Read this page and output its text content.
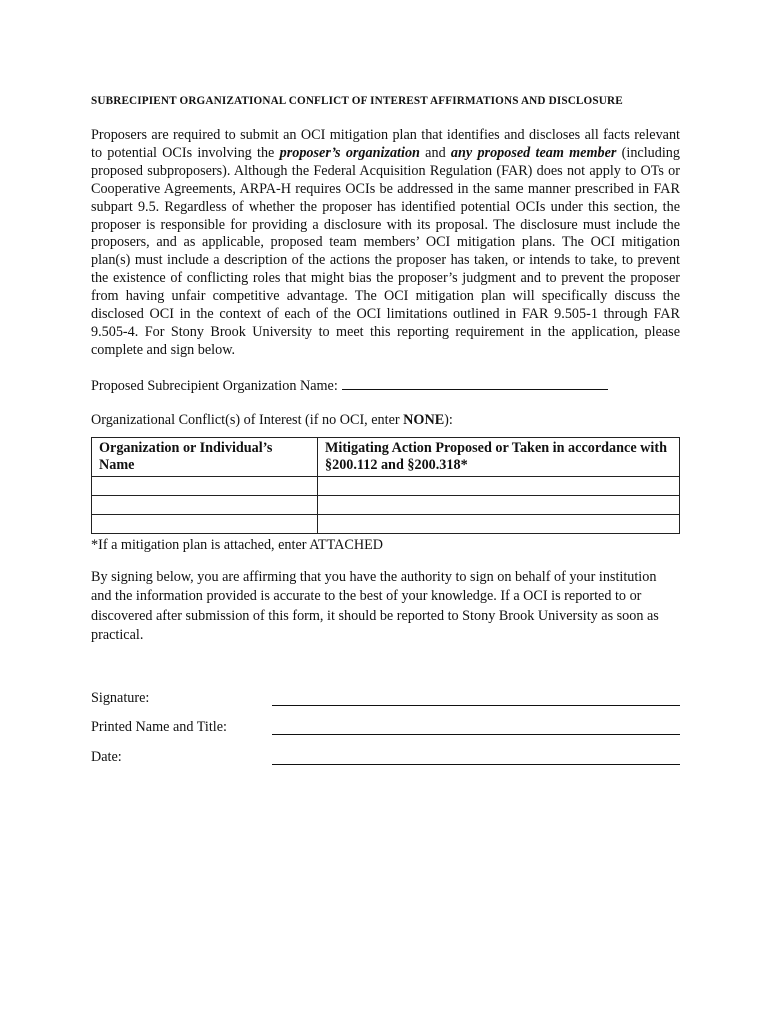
SUBRECIPIENT ORGANIZATIONAL CONFLICT OF INTEREST AFFIRMATIONS AND DISCLOSURE

Proposers are required to submit an OCI mitigation plan that identifies and discloses all facts relevant to potential OCIs involving the proposer’s organization and any proposed team member (including proposed subproposers). Although the Federal Acquisition Regulation (FAR) does not apply to OTs or Cooperative Agreements, ARPA-H requires OCIs be addressed in the same manner prescribed in FAR subpart 9.5. Regardless of whether the proposer has identified potential OCIs under this section, the proposer is responsible for providing a disclosure with its proposal. The disclosure must include the proposers, and as applicable, proposed team members’ OCI mitigation plans. The OCI mitigation plan(s) must include a description of the actions the proposer has taken, or intends to take, to prevent the existence of conflicting roles that might bias the proposer’s judgment and to prevent the proposer from having unfair competitive advantage. The OCI mitigation plan will specifically discuss the disclosed OCI in the context of each of the OCI limitations outlined in FAR 9.505-1 through FAR 9.505-4. For Stony Brook University to meet this reporting requirement in the application, please complete and sign below.

Proposed Subrecipient Organization Name:
Organizational Conflict(s) of Interest (if no OCI, enter NONE):
Organization or Individual’s Name	Mitigating Action Proposed or Taken in accordance with §200.112 and §200.318*

*If a mitigation plan is attached, enter ATTACHED

By signing below, you are affirming that you have the authority to sign on behalf of your institution and the information provided is accurate to the best of your knowledge. If a OCI is reported to or discovered after submission of this form, it should be reported to Stony Brook University as soon as practical.

Signature:
Printed Name and Title:
Date:
